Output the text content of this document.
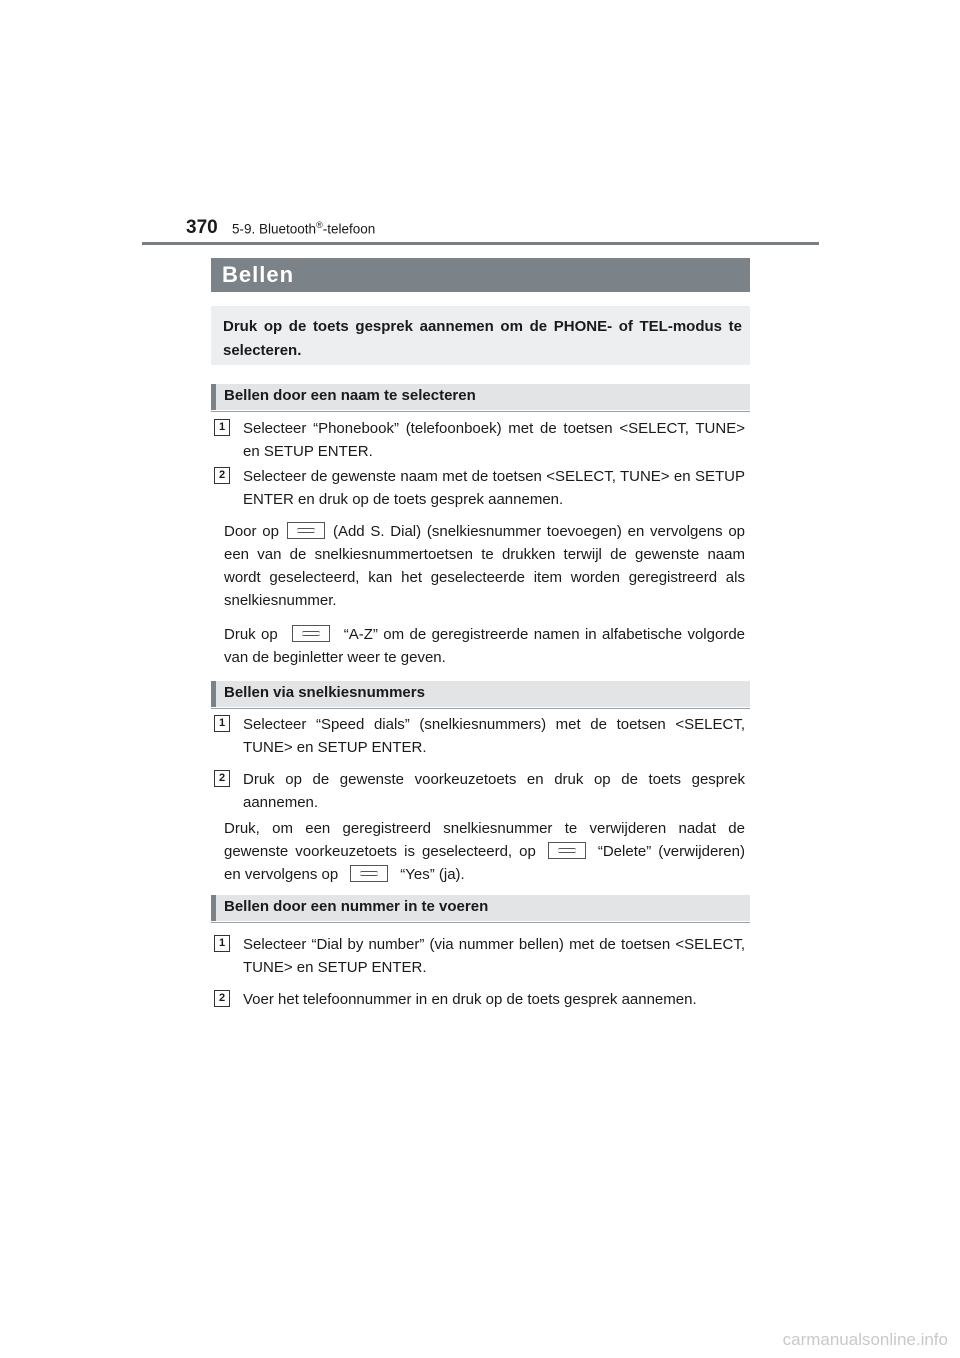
370 5-9. Bluetooth®-telefoon
Bellen
Druk op de toets gesprek aannemen om de PHONE- of TEL-modus te selecteren.
Bellen door een naam te selecteren
1	Selecteer “Phonebook” (telefoonboek) met de toetsen <SELECT, TUNE> en SETUP ENTER.
2	Selecteer de gewenste naam met de toetsen <SELECT, TUNE> en SETUP ENTER en druk op de toets gesprek aannemen.
Door op	(Add S. Dial) (snelkiesnummer toevoegen) en vervolgens op een van de snelkiesnummertoetsen te drukken terwijl de gewenste naam wordt geselecteerd, kan het geselecteerde item worden geregistreerd als snelkiesnummer.
Druk op	“A-Z” om de geregistreerde namen in alfabetische volgorde van de beginletter weer te geven.
Bellen via snelkiesnummers
1	Selecteer “Speed dials” (snelkiesnummers) met de toetsen <SELECT, TUNE> en SETUP ENTER.
2	Druk op de gewenste voorkeuzetoets en druk op de toets gesprek aannemen.
Druk, om een geregistreerd snelkiesnummer te verwijderen nadat de gewenste voorkeuzetoets is geselecteerd, op	“Delete” (verwijderen) en vervolgens op	“Yes” (ja).
Bellen door een nummer in te voeren
1	Selecteer “Dial by number” (via nummer bellen) met de toetsen <SELECT, TUNE> en SETUP ENTER.
2	Voer het telefoonnummer in en druk op de toets gesprek aannemen.
carmanualsonline.info
